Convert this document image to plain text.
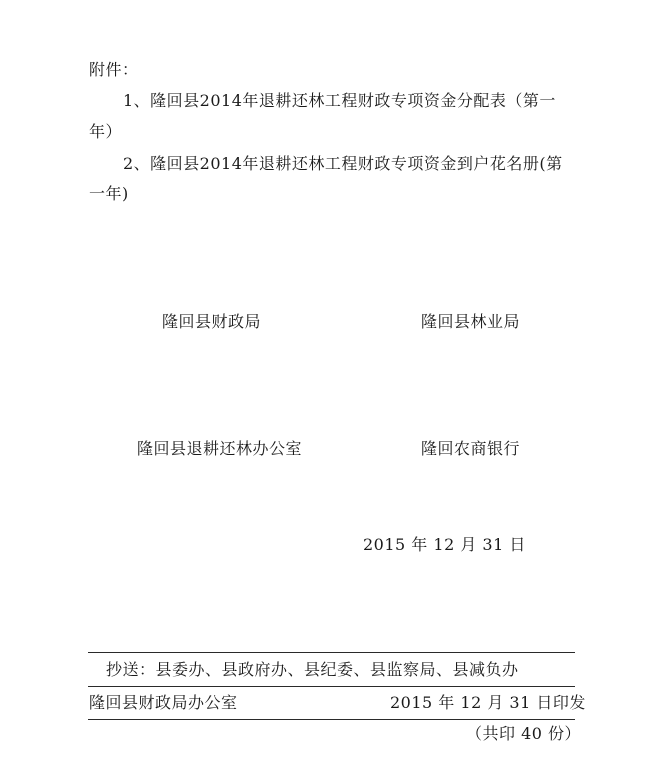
附件：
1、隆回县2014年退耕还林工程财政专项资金分配表（第一
年）
2、隆回县2014年退耕还林工程财政专项资金到户花名册(第
一年)
隆回县财政局	隆回县林业局
隆回县退耕还林办公室	隆回农商银行
2015 年 12 月 31 日
抄送：县委办、县政府办、县纪委、县监察局、县减负办
隆回县财政局办公室	2015 年 12 月 31 日印发
（共印 40 份）
